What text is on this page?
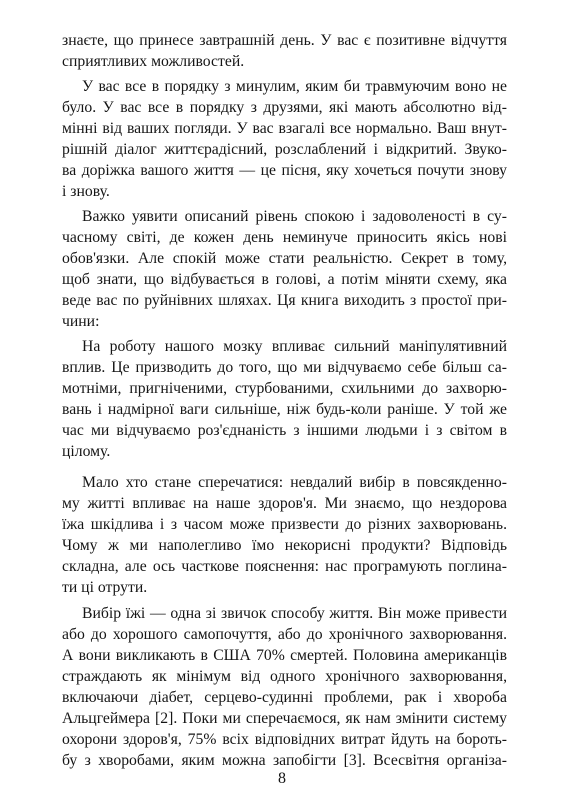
знаєте, що принесе завтрашній день. У вас є позитивне відчуття
сприятливих можливостей.
У вас все в порядку з минулим, яким би травмуючим воно не
було. У вас все в порядку з друзями, які мають абсолютно від-
мінні від ваших погляди. У вас взагалі все нормально. Ваш внут-
рішній діалог життєрадісний, розслаблений і відкритий. Звуко-
ва доріжка вашого життя — це пісня, яку хочеться почути знову
і знову.
Важко уявити описаний рівень спокою і задоволеності в су-
часному світі, де кожен день неминуче приносить якісь нові
обов'язки. Але спокій може стати реальністю. Секрет в тому,
щоб знати, що відбувається в голові, а потім міняти схему, яка
веде вас по руйнівних шляхах. Ця книга виходить з простої при-
чини:
На роботу нашого мозку впливає сильний маніпулятивний
вплив. Це призводить до того, що ми відчуваємо себе більш са-
мотніми, пригніченими, стурбованими, схильними до захворю-
вань і надмірної ваги сильніше, ніж будь-коли раніше. У той же
час ми відчуваємо роз'єднаність з іншими людьми і з світом в
цілому.
Мало хто стане сперечатися: невдалий вибір в повсякденно-
му житті впливає на наше здоров'я. Ми знаємо, що нездорова
їжа шкідлива і з часом може призвести до різних захворювань.
Чому ж ми наполегливо їмо некорисні продукти? Відповідь
складна, але ось часткове пояснення: нас програмують поглина-
ти ці отрути.
Вибір їжі — одна зі звичок способу життя. Він може привести
або до хорошого самопочуття, або до хронічного захворювання.
А вони викликають в США 70% смертей. Половина американців
страждають як мінімум від одного хронічного захворювання,
включаючи діабет, серцево-судинні проблеми, рак і хвороба
Альцгеймера [2]. Поки ми сперечаємося, як нам змінити систему
охорони здоров'я, 75% всіх відповідних витрат йдуть на бороть-
бу з хворобами, яким можна запобігти [3]. Всесвітня організа-
8
